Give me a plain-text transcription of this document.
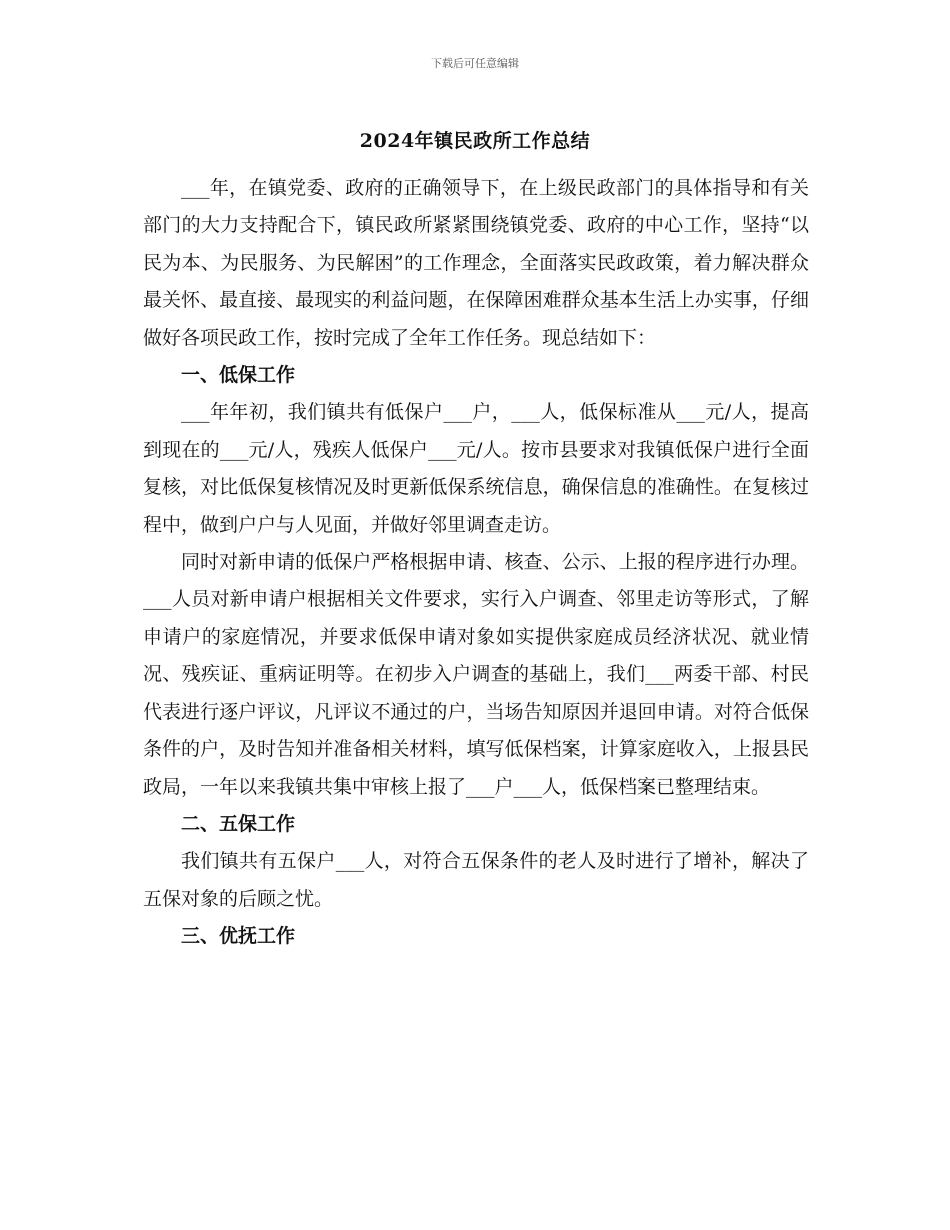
下载后可任意编辑
2024年镇民政所工作总结

___年，在镇党委、政府的正确领导下，在上级民政部门的具体指导和有关部门的大力支持配合下，镇民政所紧紧围绕镇党委、政府的中心工作，坚持“以民为本、为民服务、为民解困”的工作理念，全面落实民政政策，着力解决群众最关怀、最直接、最现实的利益问题，在保障困难群众基本生活上办实事，仔细做好各项民政工作，按时完成了全年工作任务。现总结如下：

一、低保工作

___年年初，我们镇共有低保户___户，___人，低保标准从___元/人，提高到现在的___元/人，残疾人低保户___元/人。按市县要求对我镇低保户进行全面复核，对比低保复核情况及时更新低保系统信息，确保信息的准确性。在复核过程中，做到户户与人见面，并做好邻里调查走访。

同时对新申请的低保户严格根据申请、核查、公示、上报的程序进行办理。___人员对新申请户根据相关文件要求，实行入户调查、邻里走访等形式，了解申请户的家庭情况，并要求低保申请对象如实提供家庭成员经济状况、就业情况、残疾证、重病证明等。在初步入户调查的基础上，我们___两委干部、村民代表进行逐户评议，凡评议不通过的户，当场告知原因并退回申请。对符合低保条件的户，及时告知并准备相关材料，填写低保档案，计算家庭收入，上报县民政局，一年以来我镇共集中审核上报了___户___人，低保档案已整理结束。

二、五保工作

我们镇共有五保户___人，对符合五保条件的老人及时进行了增补，解决了五保对象的后顾之忧。

三、优抚工作
